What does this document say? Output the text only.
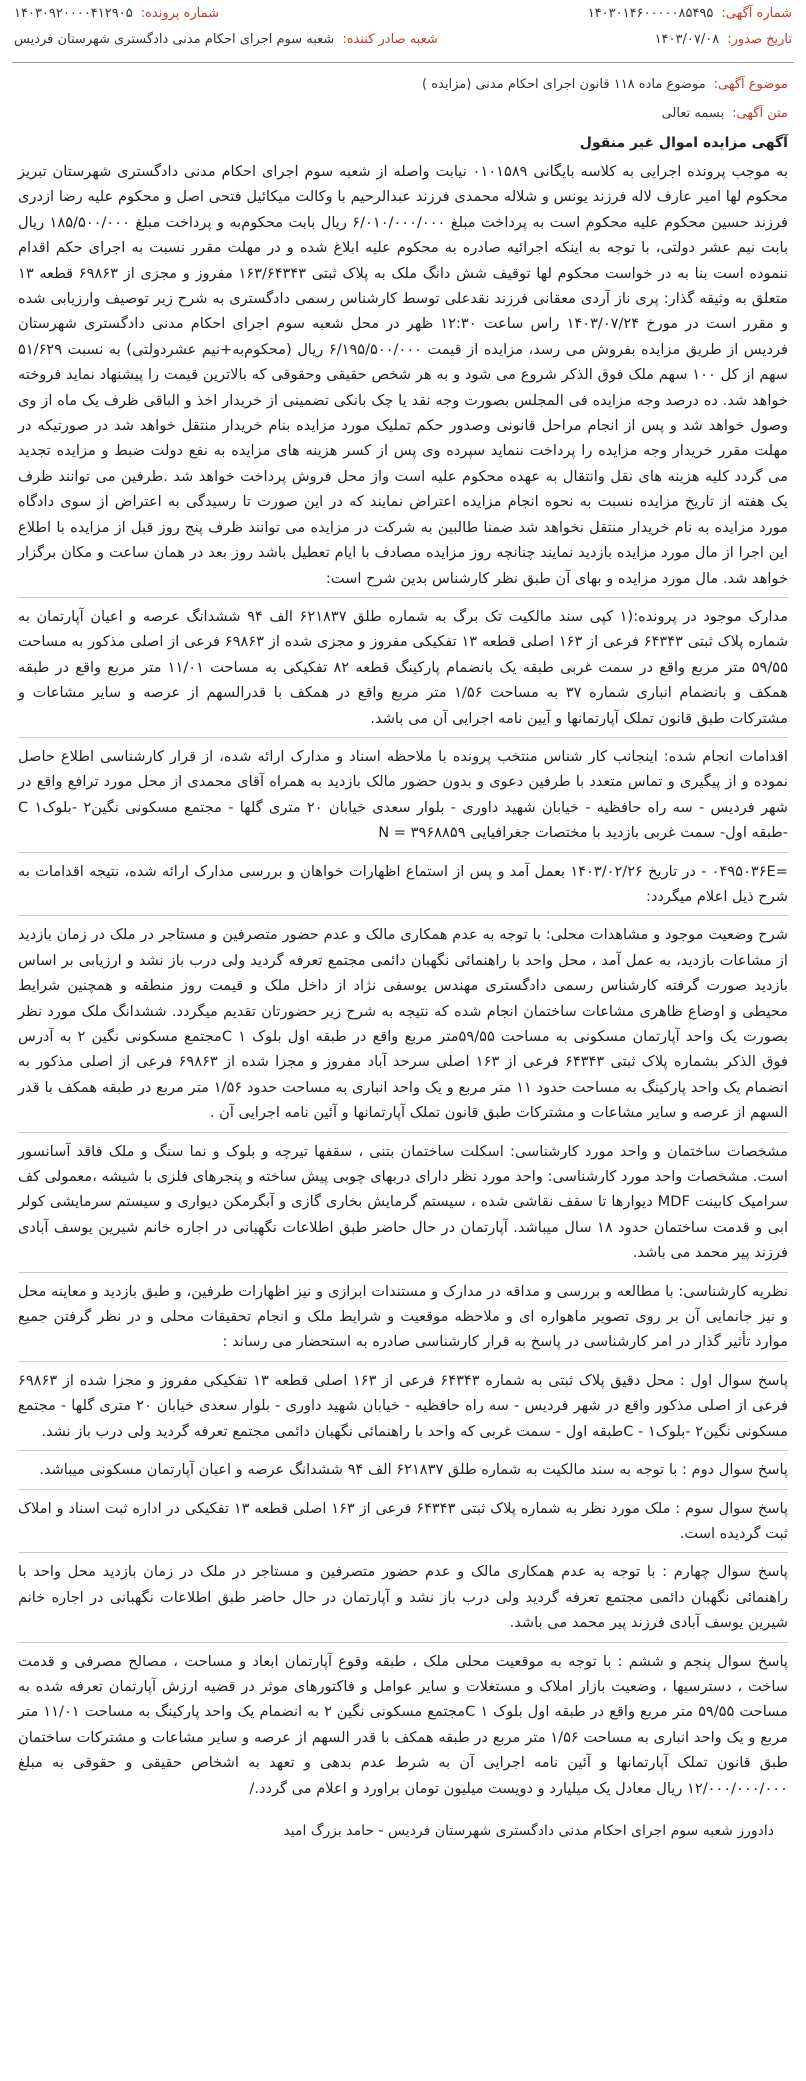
شماره آگهی:
۱۴۰۳۰۱۴۶۰۰۰۰۰۸۵۴۹۵
شماره پرونده:
۱۴۰۳۰۹۲۰۰۰۰۴۱۲۹۰۵
تاریخ صدور:
۱۴۰۳/۰۷/۰۸
شعبه صادر کننده:
شعبه سوم اجرای احکام مدنی دادگستری شهرستان فردیس
موضوع آگهی:
موضوع ماده ۱۱۸ قانون اجرای احکام مدنی (مزایده )
متن آگهی:
بسمه تعالی
آگهی مزایده اموال غیر منقول

به موجب پرونده اجرایی به کلاسه بایگانی ۰۱۰۱۵۸۹ نیابت واصله از شعبه سوم اجرای احکام مدنی دادگستری شهرستان تبریز محکوم لها امیر عارف لاله فرزند یونس و شلاله محمدی فرزند عبدالرحیم با وکالت میکائیل فتحی اصل و محکوم علیه رضا ازدری فرزند حسین محکوم علیه محکوم است به پرداخت مبلغ ۶/۰۱۰/۰۰۰/۰۰۰ ریال بابت محکوم‌به و پرداخت مبلغ ۱۸۵/۵۰۰/۰۰۰ ریال بابت نیم عشر دولتی، با توجه به اینکه اجرائیه صادره به محکوم علیه ابلاغ شده و در مهلت مقرر نسبت به اجرای حکم اقدام ننموده است بنا به در خواست محکوم لها توقیف شش دانگ ملک به پلاک ثبتی ۱۶۳/۶۴۳۴۳ مفروز و مجزی از ۶۹۸۶۳ قطعه ۱۳ متعلق به وثیقه گذار: پری ناز آردی معقانی فرزند نقدعلی توسط کارشناس رسمی دادگستری به شرح زیر توصیف وارزیابی شده و مقرر است در مورخ ۱۴۰۳/۰۷/۲۴ راس ساعت ۱۲:۳۰ ظهر در محل شعبه سوم اجرای احکام مدنی دادگستری شهرستان فردیس از طریق مزایده بفروش می رسد، مزایده از قیمت ۶/۱۹۵/۵۰۰/۰۰۰ ریال (محکوم‌به+نیم عشردولتی) به نسبت ۵۱/۶۲۹ سهم از کل ۱۰۰ سهم ملک فوق الذکر شروع می شود و به هر شخص حقیقی وحقوقی که بالاترین قیمت را پیشنهاد نماید فروخته خواهد شد. ده درصد وجه مزایده فی المجلس بصورت وجه نقد یا چک بانکی تضمینی از خریدار اخذ و الباقی ظرف یک ماه از وی وصول خواهد شد و پس از انجام مراحل قانونی وصدور حکم تملیک مورد مزایده بنام خریدار منتقل خواهد شد در صورتیکه در مهلت مقرر خریدار وجه مزایده را پرداخت ننماید سپرده وی پس از کسر هزینه های مزایده به نفع دولت ضبط و مزایده تجدید می گردد کلیه هزینه های نقل وانتقال به عهده محکوم علیه است واز محل فروش پرداخت خواهد شد .طرفین می توانند ظرف یک هفته از تاریخ مزایده نسبت به نحوه انجام مزایده اعتراض نمایند که در این صورت تا رسیدگی به اعتراض از سوی دادگاه مورد مزایده به نام خریدار منتقل نخواهد شد ضمنا طالبین به شرکت در مزایده می توانند ظرف پنج روز قبل از مزایده با اطلاع این اجرا از مال مورد مزایده بازدید نمایند چنانچه روز مزایده مصادف با ایام تعطیل باشد روز بعد در همان ساعت و مکان برگزار خواهد شد. مال مورد مزایده و بهای آن طبق نظر کارشناس بدین شرح است:

مدارک موجود در پرونده:(۱ کپی سند مالکیت تک برگ به شماره طلق ۶۲۱۸۳۷ الف ۹۴ ششدانگ عرصه و اعیان آپارتمان به شماره پلاک ثبتی ۶۴۳۴۳ فرعی از ۱۶۳ اصلی قطعه ۱۳ تفکیکی مفروز و مجزی شده از ۶۹۸۶۳ فرعی از اصلی مذکور به مساحت ۵۹/۵۵ متر مربع واقع در سمت غربی طبقه یک بانضمام پارکینگ قطعه ۸۲ تفکیکی به مساحت ۱۱/۰۱ متر مربع واقع در طبقه همکف و بانضمام انباری شماره ۳۷ به مساحت ۱/۵۶ متر مربع واقع در همکف با قدرالسهم از عرصه و سایر مشاعات و مشترکات طبق قانون تملک آپارتمانها و آیین نامه اجرایی آن می باشد.

اقدامات انجام شده: اینجانب کار شناس منتخب پرونده با ملاحظه اسناد و مدارک ارائه شده، از قرار کارشناسی اطلاع حاصل نموده و از پیگیری و تماس متعدد با طرفین دعوی و بدون حضور مالک بازدید به همراه آقای محمدی از محل مورد ترافع واقع در شهر فردیس - سه راه حافظیه - خیابان شهید داوری - بلوار سعدی خیابان ۲۰ متری گلها - مجتمع مسکونی نگین۲ -بلوک۱ C -طبقه اول- سمت غربی بازدید با مختصات جغرافیایی N = ۳۹۶۸۸۵۹

=۰۴۹۵۰۳۶E - در تاریخ ۱۴۰۳/۰۲/۲۶ بعمل آمد و پس از استماع اظهارات خواهان و بررسی مدارک ارائه شده، نتیجه اقدامات به شرح ذیل اعلام میگردد:

شرح وضعیت موجود و مشاهدات محلی: با توجه به عدم همکاری مالک و عدم حضور متصرفین و مستاجر در ملک در زمان بازدید از مشاعات بازدید، به عمل آمد ، محل واحد با راهنمائی نگهبان دائمی مجتمع تعرفه گردید ولی درب باز نشد و ارزیابی بر اساس بازدید صورت گرفته کارشناس رسمی دادگستری مهندس یوسفی نژاد از داخل ملک و قیمت روز منطقه و همچنین شرایط محیطی و اوضاع ظاهری مشاعات ساختمان انجام شده که نتیجه به شرح زیر حضورتان تقدیم میگردد. ششدانگ ملک مورد نظر بصورت یک واحد آپارتمان مسکونی به مساحت ۵۹/۵۵متر مربع واقع در طبقه اول بلوک ۱ Cمجتمع مسکونی نگین ۲ به آدرس فوق الذکر بشماره پلاک ثبتی ۶۴۳۴۳ فرعی از ۱۶۳ اصلی سرحد آباد مفروز و مجزا شده از ۶۹۸۶۳ فرعی از اصلی مذکور به انضمام یک واحد پارکینگ به مساحت حدود ۱۱ متر مربع و یک واحد انباری به مساحت حدود ۱/۵۶ متر مربع در طبقه همکف با قدر السهم از عرصه و سایر مشاعات و مشترکات طبق قانون تملک آپارتمانها و آئین نامه اجرایی آن .

مشخصات ساختمان و واحد مورد کارشناسی: اسکلت ساختمان بتنی ، سقفها تیرچه و بلوک و نما سنگ و ملک فاقد آسانسور است. مشخصات واحد مورد کارشناسی: واحد مورد نظر دارای دربهای چوبی پیش ساخته و پنجرهای فلزی با شیشه ،معمولی کف سرامیک کابینت MDF دیوارها تا سقف نقاشی شده ، سیستم گرمایش بخاری گازی و آبگرمکن دیواری و سیستم سرمایشی کولر ابی و قدمت ساختمان حدود ۱۸ سال میباشد. آپارتمان در حال حاضر طبق اطلاعات نگهبانی در اجاره خانم شیرین یوسف آبادی فرزند پیر محمد می باشد.

نظریه کارشناسی: با مطالعه و بررسی و مداقه در مدارک و مستندات ابرازی و نیز اظهارات طرفین، و طبق بازدید و معاینه محل و نیز جانمایی آن بر روی تصویر ماهواره ای و ملاحظه موقعیت و شرایط ملک و انجام تحقیقات محلی و در نظر گرفتن جمیع موارد تأثیر گذار در امر کارشناسی در پاسخ به قرار کارشناسی صادره به استحضار می رساند :

پاسخ سوال اول : محل دقیق پلاک ثبتی به شماره ۶۴۳۴۳ فرعی از ۱۶۳ اصلی قطعه ۱۳ تفکیکی مفروز و مجزا شده از ۶۹۸۶۳ فرعی از اصلی مذکور واقع در شهر فردیس - سه راه حافظیه - خیابان شهید داوری - بلوار سعدی خیابان ۲۰ متری گلها - مجتمع مسکونی نگین۲ -بلوک۱ - Cطبقه اول - سمت غربی که واحد با راهنمائی نگهبان دائمی مجتمع تعرفه گردید ولی درب باز نشد.

پاسخ سوال دوم : با توجه به سند مالکیت به شماره طلق ۶۲۱۸۳۷ الف ۹۴ ششدانگ عرصه و اعیان آپارتمان مسکونی میباشد.

پاسخ سوال سوم : ملک مورد نظر به شماره پلاک ثبتی ۶۴۳۴۳ فرعی از ۱۶۳ اصلی قطعه ۱۳ تفکیکی در اداره ثبت اسناد و املاک ثبت گردیده است.

پاسخ سوال چهارم : با توجه به عدم همکاری مالک و عدم حضور متصرفین و مستاجر در ملک در زمان بازدید محل واحد با راهنمائی نگهبان دائمی مجتمع تعرفه گردید ولی درب باز نشد و آپارتمان در حال حاضر طبق اطلاعات نگهبانی در اجاره خانم شیرین یوسف آبادی فرزند پیر محمد می باشد.

پاسخ سوال پنجم و ششم : با توجه به موقعیت محلی ملک ، طبقه وقوع آپارتمان ابعاد و مساحت ، مصالح مصرفی و قدمت ساخت ، دسترسیها ، وضعیت بازار املاک و مستغلات و سایر عوامل و فاکتورهای موثر در قضیه ارزش آپارتمان تعرفه شده به مساحت ۵۹/۵۵ متر مربع واقع در طبقه اول بلوک ۱ Cمجتمع مسکونی نگین ۲ به انضمام یک واحد پارکینگ به مساحت ۱۱/۰۱ متر مربع و یک واحد انباری به مساحت ۱/۵۶ متر مربع در طبقه همکف با قدر السهم از عرصه و سایر مشاعات و مشترکات ساختمان طبق قانون تملک آپارتمانها و آئین نامه اجرایی آن به شرط عدم بدهی و تعهد به اشخاص حقیقی و حقوقی به مبلغ ۱۲/۰۰۰/۰۰۰/۰۰۰ ریال معادل یک میلیارد و دویست میلیون تومان براورد و اعلام می گردد./

دادورز شعبه سوم اجرای احکام مدنی دادگستری شهرستان فردیس - حامد بزرگ امید
